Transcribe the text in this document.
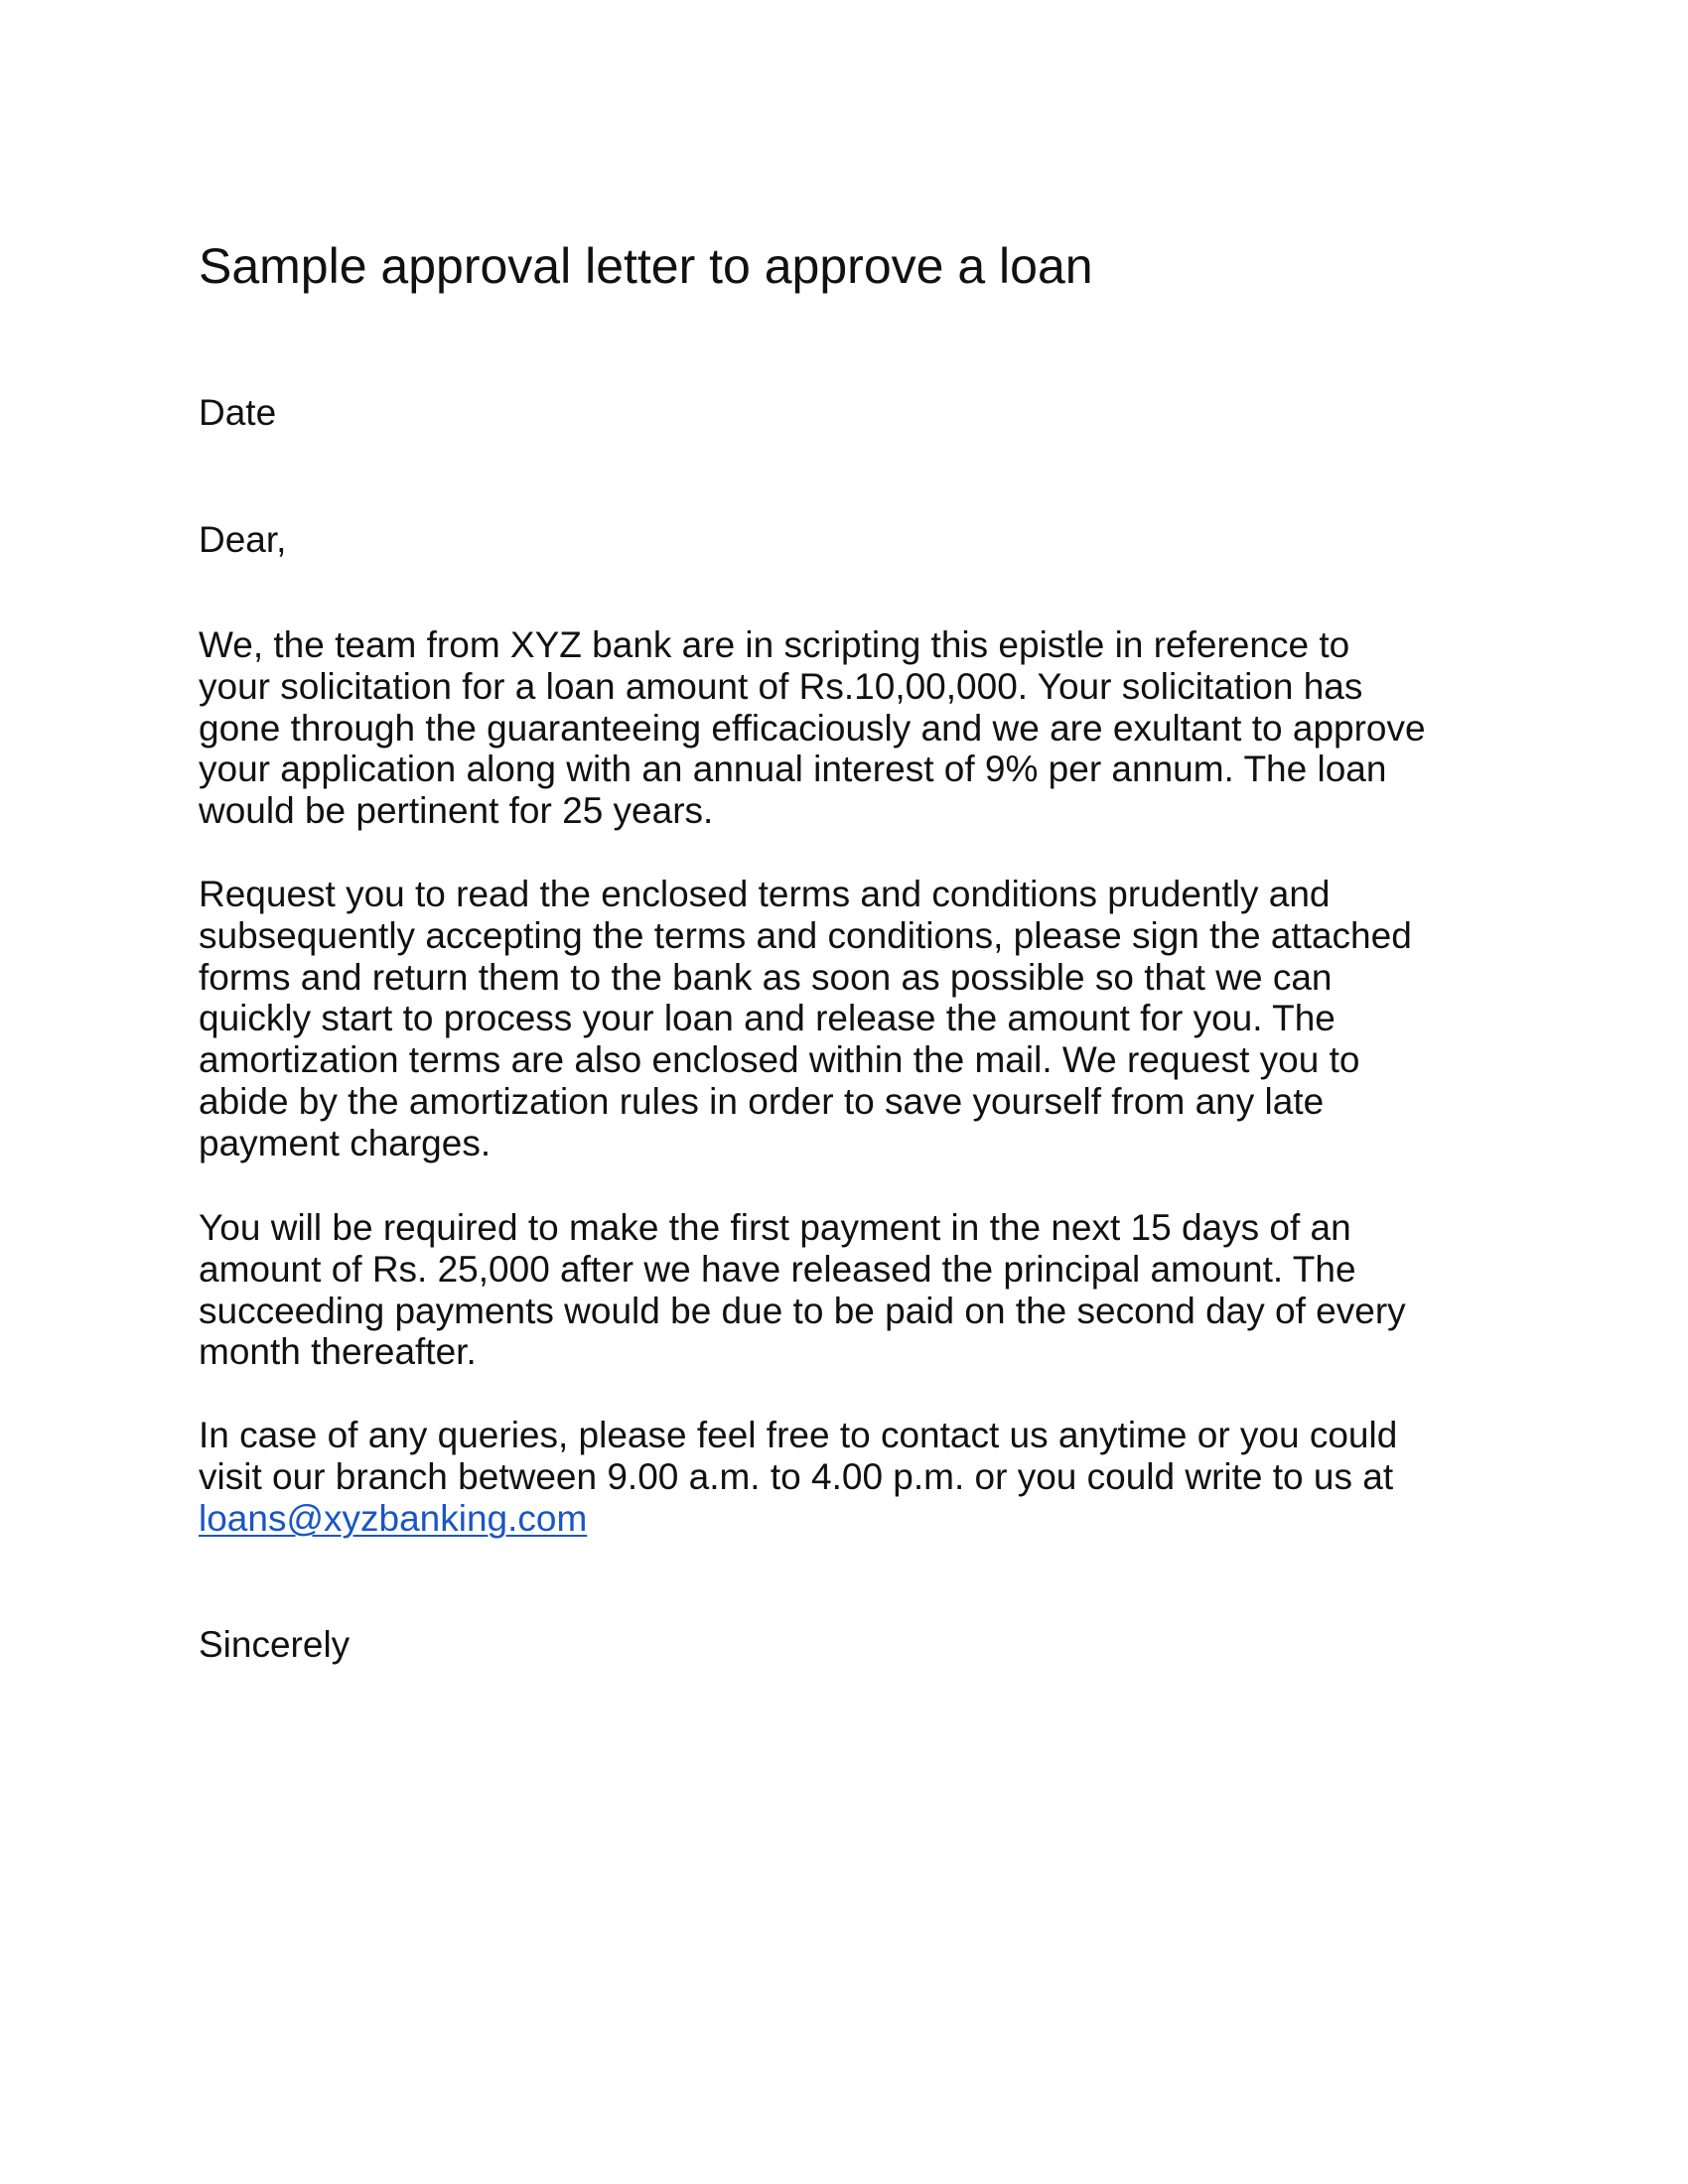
Sample approval letter to approve a loan
Date
Dear,
We, the team from XYZ bank are in scripting this epistle in reference to
your solicitation for a loan amount of Rs.10,00,000. Your solicitation has
gone through the guaranteeing efficaciously and we are exultant to approve
your application along with an annual interest of 9% per annum. The loan
would be pertinent for 25 years.
Request you to read the enclosed terms and conditions prudently and
subsequently accepting the terms and conditions, please sign the attached
forms and return them to the bank as soon as possible so that we can
quickly start to process your loan and release the amount for you. The
amortization terms are also enclosed within the mail. We request you to
abide by the amortization rules in order to save yourself from any late
payment charges.
You will be required to make the first payment in the next 15 days of an
amount of Rs. 25,000 after we have released the principal amount. The
succeeding payments would be due to be paid on the second day of every
month thereafter.
In case of any queries, please feel free to contact us anytime or you could
visit our branch between 9.00 a.m. to 4.00 p.m. or you could write to us at
loans@xyzbanking.com
Sincerely
